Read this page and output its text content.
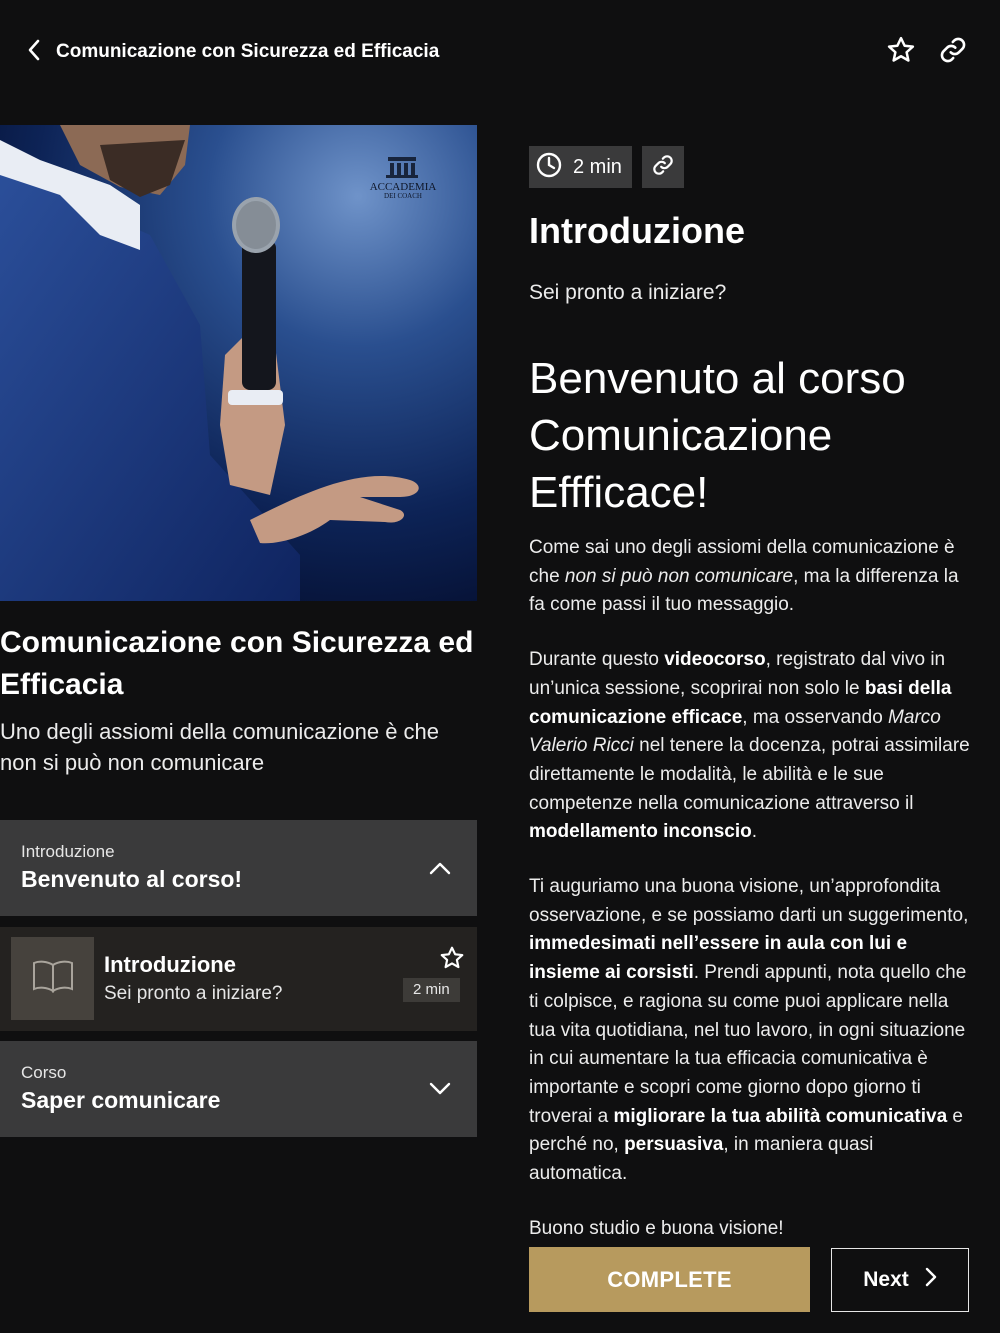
Comunicazione con Sicurezza ed Efficacia
ACCADEMIA
DEI COACH
Comunicazione con Sicurezza ed Efficacia
Uno degli assiomi della comunicazione è che non si può non comunicare
Introduzione
Benvenuto al corso!
Introduzione
Sei pronto a iniziare?	2 min
Corso
Saper comunicare
2 min
Introduzione
Sei pronto a iniziare?
Benvenuto al corso Comunicazione Effficace!

Come sai uno degli assiomi della comunicazione è che non si può non comunicare, ma la differenza la fa come passi il tuo messaggio.

Durante questo videocorso, registrato dal vivo in un’unica sessione, scoprirai non solo le basi della comunicazione efficace, ma osservando Marco Valerio Ricci nel tenere la docenza, potrai assimilare direttamente le modalità, le abilità e le sue competenze nella comunicazione attraverso il modellamento inconscio.

Ti auguriamo una buona visione, un’approfondita osservazione, e se possiamo darti un suggerimento, immedesimati nell’essere in aula con lui e insieme ai corsisti. Prendi appunti, nota quello che ti colpisce, e ragiona su come puoi applicare nella tua vita quotidiana, nel tuo lavoro, in ogni situazione in cui aumentare la tua efficacia comunicativa è importante e scopri come giorno dopo giorno ti troverai a migliorare la tua abilità comunicativa e perché no, persuasiva, in maniera quasi automatica.

Buono studio e buona visione!

COMPLETE	Next
